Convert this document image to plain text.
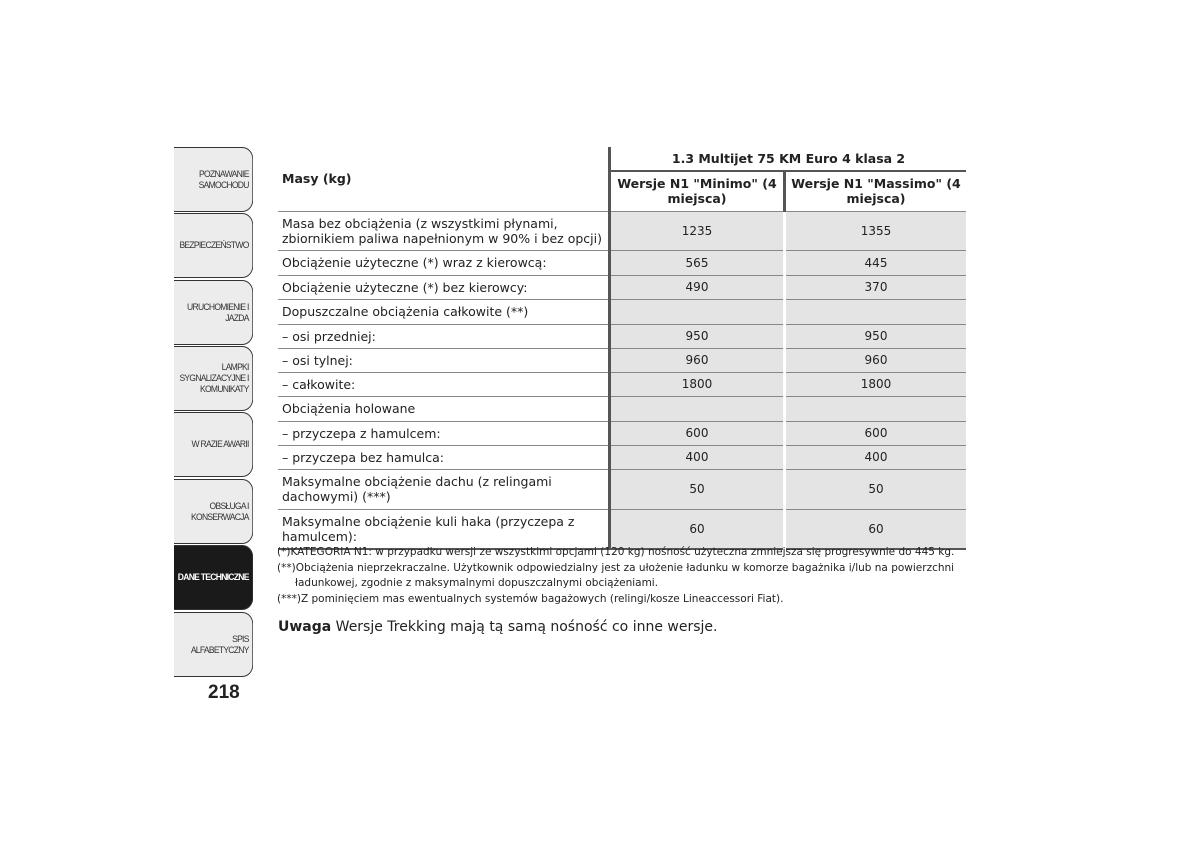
POZNAWANIE SAMOCHODU
BEZPIECZEŃSTWO
URUCHOMIENIE I JAZDA
LAMPKI SYGNALIZACYJNE I KOMUNIKATY
W RAZIE AWARII
OBSŁUGA I KONSERWACJA
DANE TECHNICZNE
SPIS ALFABETYCZNY
218
Masy (kg)	1.3 Multijet 75 KM Euro 4 klasa 2	
	Wersje N1 "Minimo" (4 miejsca)	Wersje N1 "Massimo" (4 miejsca)
Masa bez obciążenia (z wszystkimi płynami, zbiornikiem paliwa napełnionym w 90% i bez opcji)	1235	1355
Obciążenie użyteczne (*) wraz z kierowcą:	565	445
Obciążenie użyteczne (*) bez kierowcy:	490	370
Dopuszczalne obciążenia całkowite (**)		
– osi przedniej:	950	950
– osi tylnej:	960	960
– całkowite:	1800	1800
Obciążenia holowane		
– przyczepa z hamulcem:	600	600
– przyczepa bez hamulca:	400	400
Maksymalne obciążenie dachu (z relingami dachowymi) (***)	50	50
Maksymalne obciążenie kuli haka (przyczepa z hamulcem):	60	60
(*)KATEGORIA N1: w przypadku wersji ze wszystkimi opcjami (120 kg) nośność użyteczna zmniejsza się progresywnie do 445 kg.
(**)Obciążenia nieprzekraczalne. Użytkownik odpowiedzialny jest za ułożenie ładunku w komorze bagażnika i/lub na powierzchni
ładunkowej, zgodnie z maksymalnymi dopuszczalnymi obciążeniami.
(***)Z pominięciem mas ewentualnych systemów bagażowych (relingi/kosze Lineaccessori Fiat).
Uwaga Wersje Trekking mają tą samą nośność co inne wersje.
